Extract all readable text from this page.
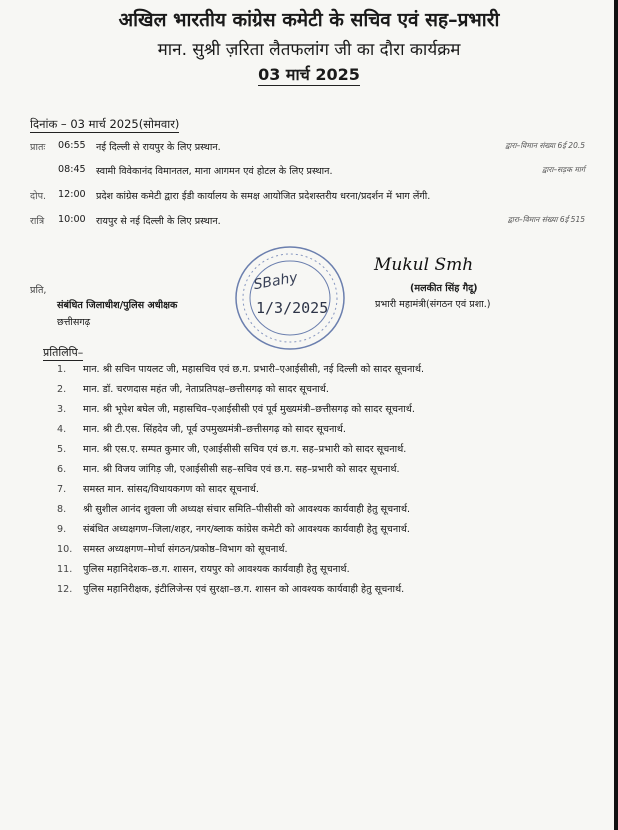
अखिल भारतीय कांग्रेस कमेटी के सचिव एवं सह–प्रभारी
मान. सुश्री ज़रिता लैतफलांग जी का दौरा कार्यक्रम
03 मार्च 2025
दिनांक – 03 मार्च 2025(सोमवार)
प्रातः 06:55 नई दिल्ली से रायपुर के लिए प्रस्थान.	द्वारा–विमान संख्या 6ई 20.5
08:45 स्वामी विवेकानंद विमानतल, माना आगमन एवं होटल के लिए प्रस्थान.	द्वारा–सड़क मार्ग
दोप. 12:00 प्रदेश कांग्रेस कमेटी द्वारा ईडी कार्यालय के समक्ष आयोजित प्रदेशस्तरीय धरना/प्रदर्शन में भाग लेंगी.
रात्रि 10:00 रायपुर से नई दिल्ली के लिए प्रस्थान.	द्वारा–विमान संख्या 6ई 515
प्रति,
संबंधित जिलाधीश/पुलिस अधीक्षक
छत्तीसगढ़
SBahy
1/3/2025
Mukul Smh
(मलकीत सिंह गैदू)
प्रभारी महामंत्री(संगठन एवं प्रशा.)
प्रतिलिपि–
1. मान. श्री सचिन पायलट जी, महासचिव एवं छ.ग. प्रभारी–एआईसीसी, नई दिल्ली को सादर सूचनार्थ.
2. मान. डॉ. चरणदास महंत जी, नेताप्रतिपक्ष–छत्तीसगढ़ को सादर सूचनार्थ.
3. मान. श्री भूपेश बघेल जी, महासचिव–एआईसीसी एवं पूर्व मुख्यमंत्री–छत्तीसगढ़ को सादर सूचनार्थ.
4. मान. श्री टी.एस. सिंहदेव जी, पूर्व उपमुख्यमंत्री–छत्तीसगढ़ को सादर सूचनार्थ.
5. मान. श्री एस.ए. सम्पत कुमार जी, एआईसीसी सचिव एवं छ.ग. सह–प्रभारी को सादर सूचनार्थ.
6. मान. श्री विजय जांगिड़ जी, एआईसीसी सह–सचिव एवं छ.ग. सह–प्रभारी को सादर सूचनार्थ.
7. समस्त मान. सांसद/विधायकगण को सादर सूचनार्थ.
8. श्री सुशील आनंद शुक्ला जी अध्यक्ष संचार समिति–पीसीसी को आवश्यक कार्यवाही हेतु सूचनार्थ.
9. संबंधित अध्यक्षगण–जिला/शहर, नगर/ब्लाक कांग्रेस कमेटी को आवश्यक कार्यवाही हेतु सूचनार्थ.
10. समस्त अध्यक्षगण–मोर्चा संगठन/प्रकोष्ठ–विभाग को सूचनार्थ.
11. पुलिस महानिदेशक–छ.ग. शासन, रायपुर को आवश्यक कार्यवाही हेतु सूचनार्थ.
12. पुलिस महानिरीक्षक, इंटीलिजेन्स एवं सुरक्षा–छ.ग. शासन को आवश्यक कार्यवाही हेतु सूचनार्थ.
